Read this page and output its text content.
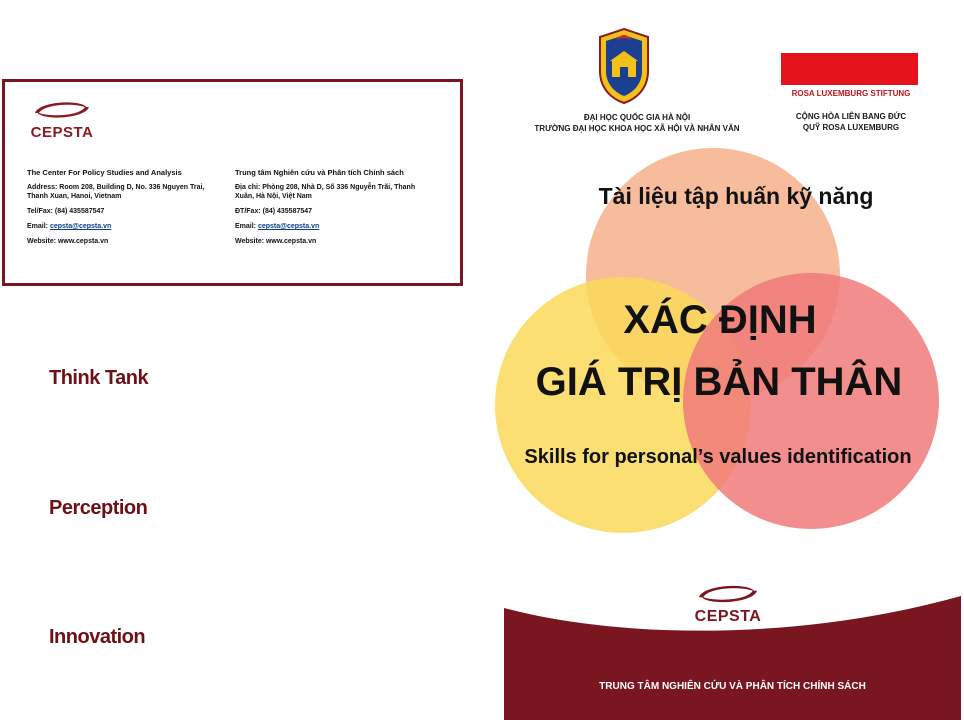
CEPSTA
The Center For Policy Studies and Analysis
Address: Room 208, Building D, No. 336 Nguyen Trai, Thanh Xuan, Hanoi, Vietnam
Tel/Fax: (84) 435587547
Email: cepsta@cepsta.vn
Website: www.cepsta.vn
Trung tâm Nghiên cứu và Phân tích Chính sách
Địa chỉ: Phòng 208, Nhà D, Số 336 Nguyễn Trãi, Thanh Xuân, Hà Nội, Việt Nam
ĐT/Fax: (84) 435587547
Email: cepsta@cepsta.vn
Website: www.cepsta.vn
Think Tank
Perception
Innovation
ĐẠI HỌC QUỐC GIA HÀ NỘI
TRƯỜNG ĐẠI HỌC KHOA HỌC XÃ HỘI VÀ NHÂN VĂN
ROSA LUXEMBURG STIFTUNG
CỘNG HÒA LIÊN BANG ĐỨC
QUỸ ROSA LUXEMBURG
Tài liệu tập huấn kỹ năng
XÁC ĐỊNH
GIÁ TRỊ BẢN THÂN
Skills for personal’s values identification
CEPSTA
TRUNG TÂM NGHIÊN CỨU VÀ PHÂN TÍCH CHÍNH SÁCH
